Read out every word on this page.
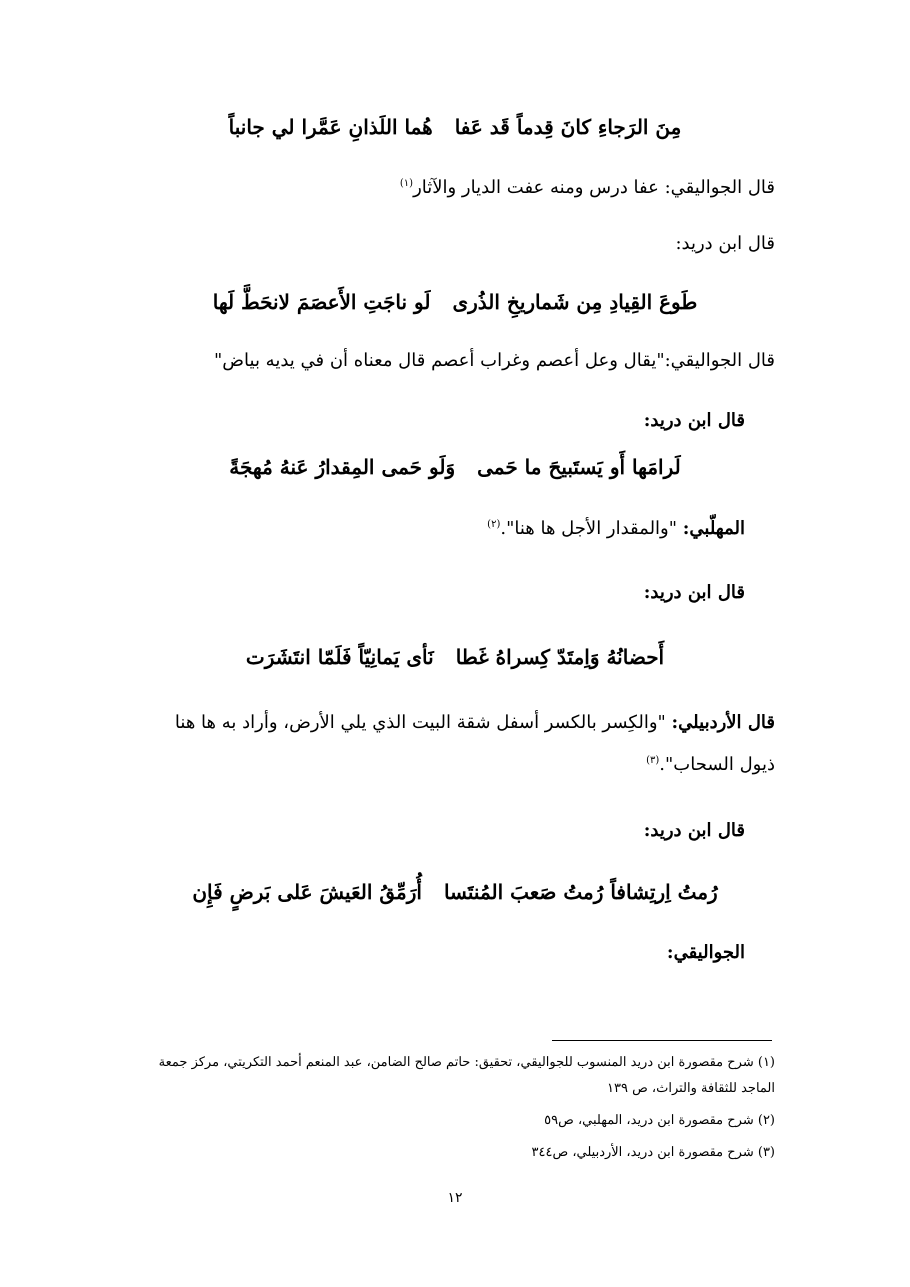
هُما اللَذانِ عَمَّرا لي جانباً مِنَ الرَجاءِ كانَ قِدماً قَد عَفا
قال الجواليقي: عفا درس ومنه عفت الديار والآثار$^{(١)}$
قال ابن دريد:
لَو ناجَتِ الأَعصَمَ لانحَطَّ لَها طَوعَ القِيادِ مِن شَماريخِ الذُرى
قال الجواليقي:"يقال وعل أعصم وغراب أعصم قال معناه أن في يديه بياض"
قال ابن دريد:
وَلَو حَمى المِقدارُ عَنهُ مُهجَةً لَرامَها أَو يَستَبيحَ ما حَمى
المهلّبي: "والمقدار الأجل ها هنا".$^{(٢)}$
قال ابن دريد:
نَأى يَمانِيّاً فَلَمّا انتَشَرَت أَحضانُهُ وَاِمتَدّ كِسراهُ غَطا
قال الأردبيلي: "والكِسر بالكسر أسفل شقة البيت الذي يلي الأرض، وأراد به ها هنا ذيول السحاب".$^{(٣)}$
قال ابن دريد:
أُرَمِّقُ العَيشَ عَلى بَرضٍ فَإِن رُمتُ اِرتِشافاً رُمتُ صَعبَ المُنتَسا
الجواليقي:
(١) شرح مقصورة ابن دريد المنسوب للجواليقي، تحقيق: حاتم صالح الضامن، عبد المنعم أحمد التكريتي، مركز جمعة الماجد للثقافة والتراث، ص ١٣٩
(٢) شرح مقصورة ابن دريد، المهلبي، ص٥٩
(٣) شرح مقصورة ابن دريد، الأردبيلي، ص٣٤٤
١٢
